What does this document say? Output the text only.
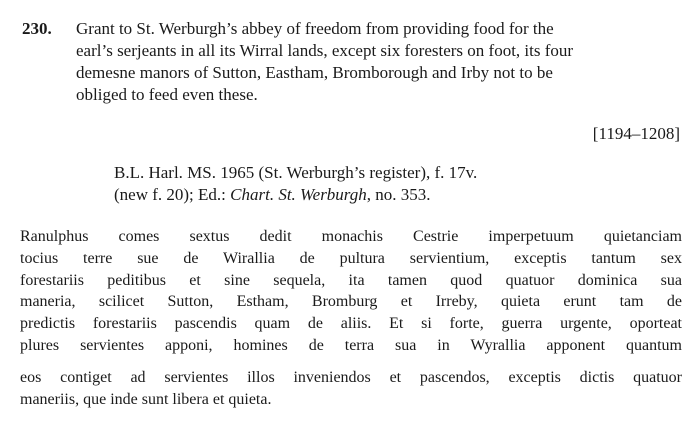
230. Grant to St. Werburgh’s abbey of freedom from providing food for the
earl’s serjeants in all its Wirral lands, except six foresters on foot, its four
demesne manors of Sutton, Eastham, Bromborough and Irby not to be
obliged to feed even these.
[1194–1208]
B.L. Harl. MS. 1965 (St. Werburgh’s register), f. 17v.
(new f. 20); Ed.: Chart. St. Werburgh, no. 353.
Ranulphus comes sextus dedit monachis Cestrie imperpetuum quietanciam
tocius terre sue de Wirallia de pultura servientium, exceptis tantum sex
forestariis peditibus et sine sequela, ita tamen quod quatuor dominica sua
maneria, scilicet Sutton, Estham, Bromburg et Irreby, quieta erunt tam de
predictis forestariis pascendis quam de aliis. Et si forte, guerra urgente, oporteat
plures servientes apponi, homines de terra sua in Wyrallia apponent quantum
eos contiget ad servientes illos inveniendos et pascendos, exceptis dictis quatuor
maneriis, que inde sunt libera et quieta.
